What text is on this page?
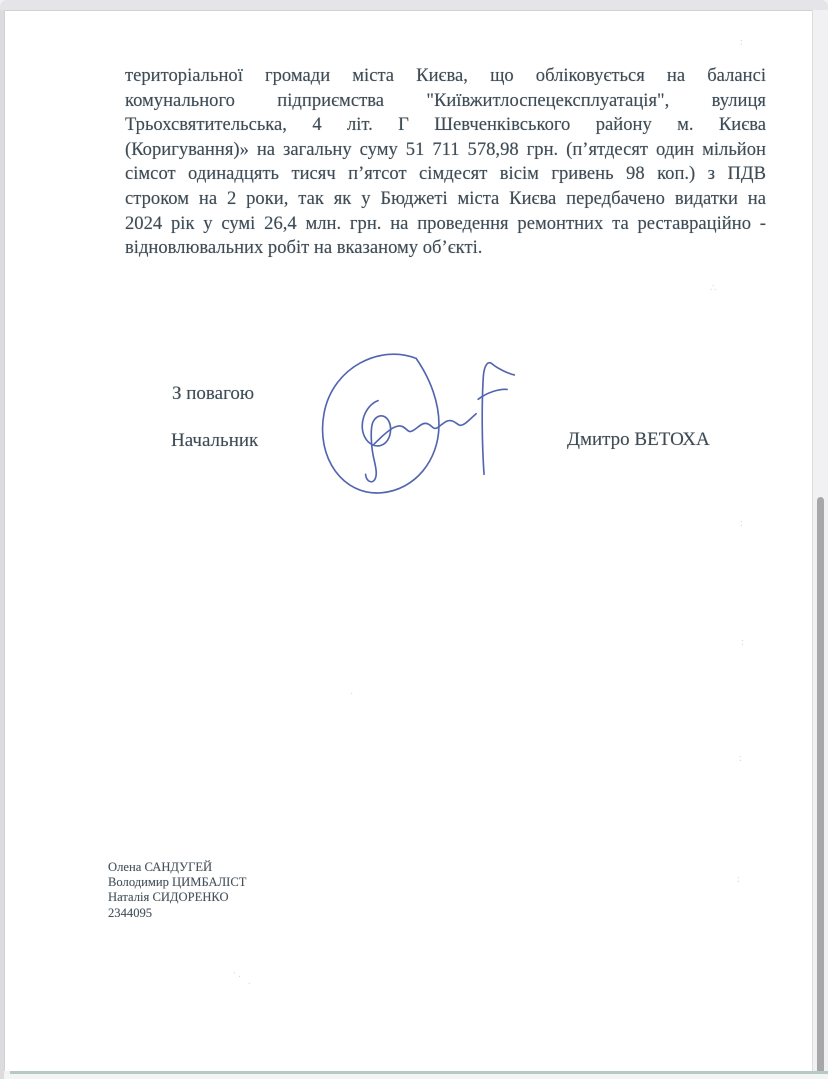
територіальної громади міста Києва, що обліковується на балансі
комунального підприємства "Київжитлоспецексплуатація", вулиця
Трьохсвятительська, 4 літ. Г Шевченківського району м. Києва
(Коригування)» на загальну суму 51 711 578,98 грн. (п’ятдесят один мільйон
сімсот одинадцять тисяч п’ятсот сімдесят вісім гривень 98 коп.) з ПДВ
строком на 2 роки, так як у Бюджеті міста Києва передбачено видатки на
2024 рік у сумі 26,4 млн. грн. на проведення ремонтних та реставраційно -
відновлювальних робіт на вказаному об’єкті.
З повагою
Начальник	Дмитро ВЕТОХА
Олена САНДУГЕЙ
Володимир ЦИМБАЛІСТ
Наталія СИДОРЕНКО
2344095
:
∴
:
:
:
:
·
·· ·
